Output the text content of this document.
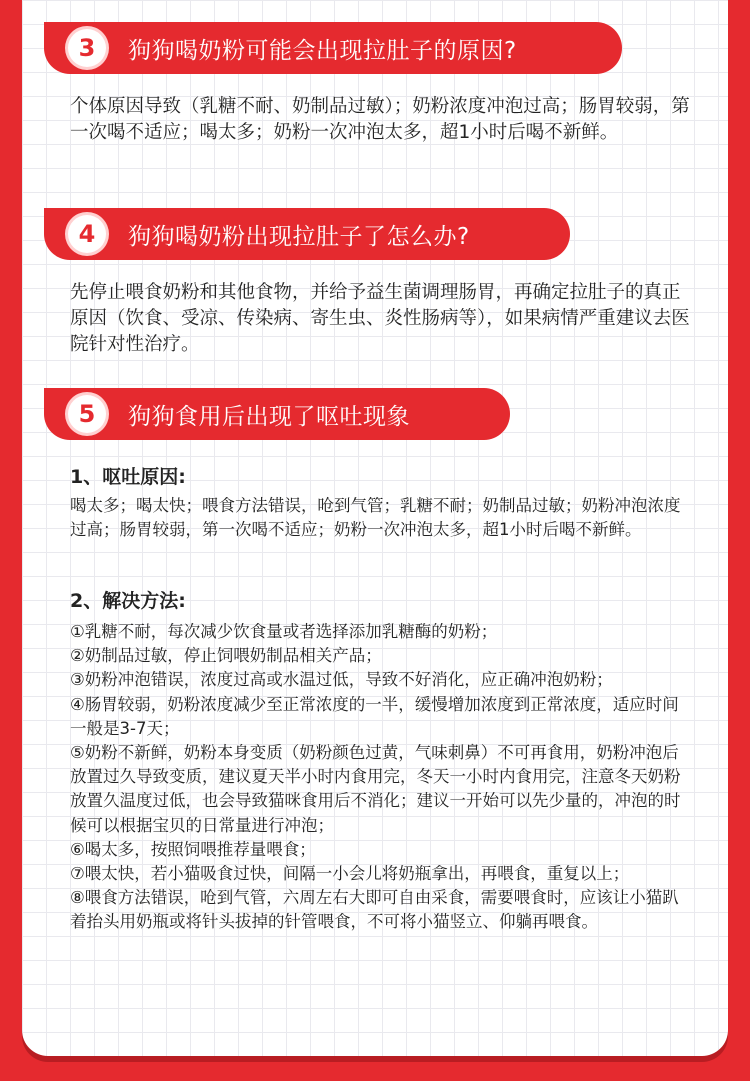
3	狗狗喝奶粉可能会出现拉肚子的原因?
个体原因导致（乳糖不耐、奶制品过敏）；奶粉浓度冲泡过高；肠胃较弱，第一次喝不适应；喝太多；奶粉一次冲泡太多，超1小时后喝不新鲜。
4	狗狗喝奶粉出现拉肚子了怎么办?
先停止喂食奶粉和其他食物，并给予益生菌调理肠胃，再确定拉肚子的真正原因（饮食、受凉、传染病、寄生虫、炎性肠病等），如果病情严重建议去医院针对性治疗。
5	狗狗食用后出现了呕吐现象
1、呕吐原因:
喝太多；喝太快；喂食方法错误，呛到气管；乳糖不耐；奶制品过敏；奶粉冲泡浓度过高；肠胃较弱，第一次喝不适应；奶粉一次冲泡太多，超1小时后喝不新鲜。
2、解决方法:
①乳糖不耐，每次减少饮食量或者选择添加乳糖酶的奶粉；
②奶制品过敏，停止饲喂奶制品相关产品；
③奶粉冲泡错误，浓度过高或水温过低，导致不好消化，应正确冲泡奶粉；
④肠胃较弱，奶粉浓度减少至正常浓度的一半，缓慢增加浓度到正常浓度，适应时间一般是3-7天；
⑤奶粉不新鲜，奶粉本身变质（奶粉颜色过黄，气味刺鼻）不可再食用，奶粉冲泡后放置过久导致变质，建议夏天半小时内食用完，冬天一小时内食用完，注意冬天奶粉放置久温度过低，也会导致猫咪食用后不消化；建议一开始可以先少量的，冲泡的时候可以根据宝贝的日常量进行冲泡；
⑥喝太多，按照饲喂推荐量喂食；
⑦喂太快，若小猫吸食过快，间隔一小会儿将奶瓶拿出，再喂食，重复以上；
⑧喂食方法错误，呛到气管，六周左右大即可自由采食，需要喂食时，应该让小猫趴着抬头用奶瓶或将针头拔掉的针管喂食，不可将小猫竖立、仰躺再喂食。
